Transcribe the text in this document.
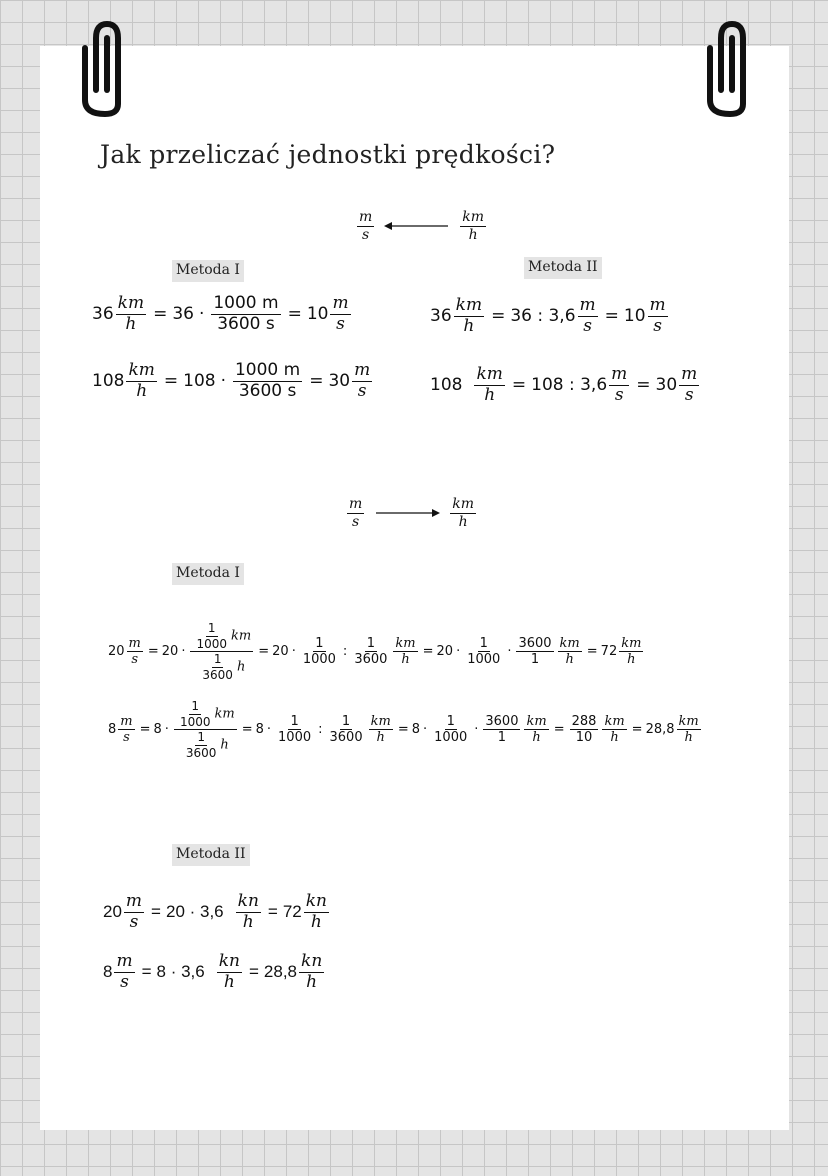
Jak przeliczać jednostki prędkości?
$\frac{m}{s}$	$\frac{km}{h}$
Metoda I	Metoda II
$36 \frac{km}{h} = 36 \cdot \frac{1000 m}{3600 s} = 10 \frac{m}{s}$
$108 \frac{km}{h} = 108 \cdot \frac{1000 m}{3600 s} = 30 \frac{m}{s}$
$36 \frac{km}{h} = 36$ : $3,6 \frac{m}{s} = 10 \frac{m}{s}$
$108 \frac{km}{h} = 108$ : $3,6 \frac{m}{s} = 30 \frac{m}{s}$
$\frac{m}{s}$	$\frac{km}{h}$
Metoda I
$20 \frac{m}{s} = 20 \cdot \frac{\frac{1}{1000} km}{\frac{1}{3600} h} = 20 \cdot \frac{1}{1000}$ : $\frac{1}{3600} \frac{km}{h} = 20 \cdot \frac{1}{1000} \cdot \frac{3600}{1} \frac{km}{h} = 72 \frac{km}{h}$
$8 \frac{m}{s} = 8 \cdot \frac{\frac{1}{1000} km}{\frac{1}{3600} h} = 8 \cdot \frac{1}{1000}$ : $\frac{1}{3600} \frac{km}{h} = 8 \cdot \frac{1}{1000} \cdot \frac{3600}{1} \frac{km}{h} = \frac{288}{10} \frac{km}{h} = 28,8 \frac{km}{h}$
Metoda II
$20 \frac{m}{s} = 20 \cdot 3,6 \frac{kn}{h} = 72 \frac{kn}{h}$
$8 \frac{m}{s} = 8 \cdot 3,6 \frac{kn}{h} = 28,8 \frac{kn}{h}$
